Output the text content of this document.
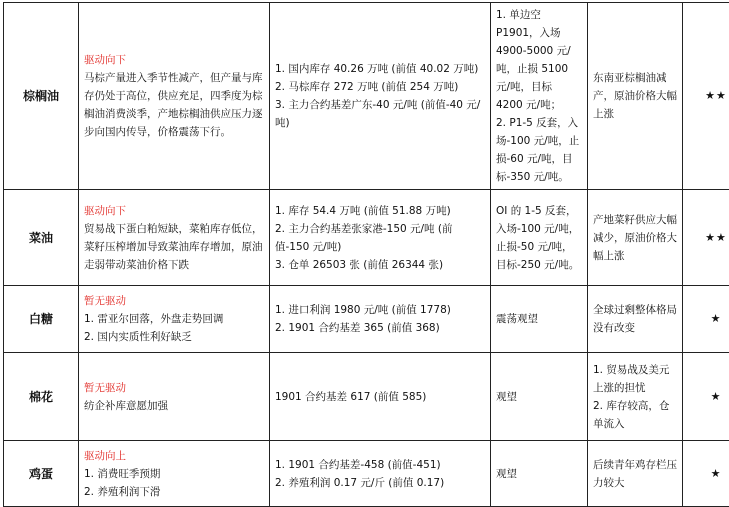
棕榈油	驱动向下
马棕产量进入季节性减产，但产量与库存仍处于高位，供应充足，四季度为棕榈油消费淡季，产地棕榈油供应压力逐步向国内传导，价格震荡下行。	1. 国内库存 40.26 万吨 (前值 40.02 万吨)
2. 马棕库存 272 万吨 (前值 254 万吨)
3. 主力合约基差广东-40 元/吨 (前值-40 元/吨)	1. 单边空 P1901，入场 4900-5000 元/吨，止损 5100 元/吨，目标 4200 元/吨；
2. P1-5 反套，入场-100 元/吨，止损-60 元/吨，目标-350 元/吨。	东南亚棕榈油减产，原油价格大幅上涨	★★
菜油	驱动向下
贸易战下蛋白粕短缺，菜粕库存低位，菜籽压榨增加导致菜油库存增加，原油走弱带动菜油价格下跌	1. 库存 54.4 万吨 (前值 51.88 万吨)
2. 主力合约基差张家港-150 元/吨 (前值-150 元/吨)
3. 仓单 26503 张 (前值 26344 张)	OI 的 1-5 反套，入场-100 元/吨，止损-50 元/吨，目标-250 元/吨。	产地菜籽供应大幅减少，原油价格大幅上涨	★★
白糖	暂无驱动
1. 雷亚尔回落，外盘走势回调
2. 国内实质性利好缺乏	1. 进口利润 1980 元/吨 (前值 1778)
2. 1901 合约基差 365 (前值 368)	震荡观望	全球过剩整体格局没有改变	★
棉花	暂无驱动
纺企补库意愿加强	1901 合约基差 617 (前值 585)	观望	1. 贸易战及美元上涨的担忧
2. 库存较高，仓单流入	★
鸡蛋	驱动向上
1. 消费旺季预期
2. 养殖利润下滑	1. 1901 合约基差-458 (前值-451)
2. 养殖利润 0.17 元/斤 (前值 0.17)	观望	后续青年鸡存栏压力较大	★
